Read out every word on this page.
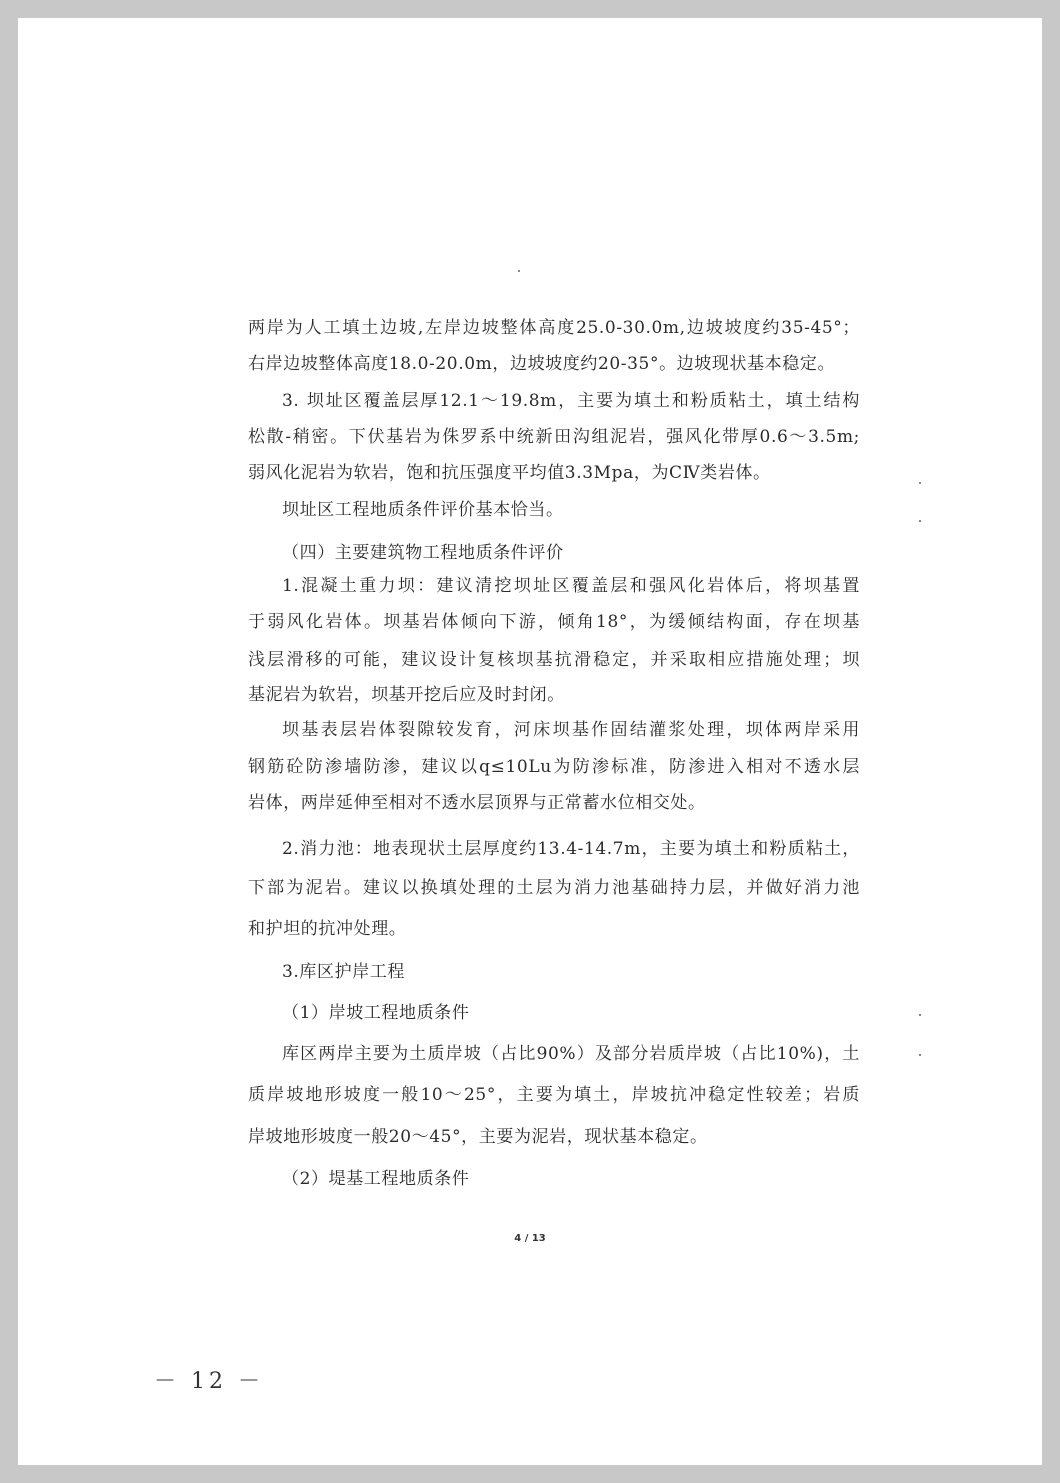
两岸为人工填土边坡,左岸边坡整体高度25.0-30.0m,边坡坡度约35-45°；
右岸边坡整体高度18.0-20.0m，边坡坡度约20-35°。边坡现状基本稳定。
3. 坝址区覆盖层厚12.1～19.8m，主要为填土和粉质粘土，填土结构
松散-稍密。下伏基岩为侏罗系中统新田沟组泥岩，强风化带厚0.6～3.5m;
弱风化泥岩为软岩，饱和抗压强度平均值3.3Mpa，为CⅣ类岩体。
坝址区工程地质条件评价基本恰当。
（四）主要建筑物工程地质条件评价
1.混凝土重力坝：建议清挖坝址区覆盖层和强风化岩体后，将坝基置
于弱风化岩体。坝基岩体倾向下游，倾角18°，为缓倾结构面，存在坝基
浅层滑移的可能，建议设计复核坝基抗滑稳定，并采取相应措施处理；坝
基泥岩为软岩，坝基开挖后应及时封闭。
坝基表层岩体裂隙较发育，河床坝基作固结灌浆处理，坝体两岸采用
钢筋砼防渗墙防渗，建议以q≤10Lu为防渗标准，防渗进入相对不透水层
岩体，两岸延伸至相对不透水层顶界与正常蓄水位相交处。
2.消力池：地表现状土层厚度约13.4-14.7m，主要为填土和粉质粘土，
下部为泥岩。建议以换填处理的土层为消力池基础持力层，并做好消力池
和护坦的抗冲处理。
3.库区护岸工程
（1）岸坡工程地质条件
库区两岸主要为土质岸坡（占比90%）及部分岩质岸坡（占比10%)，土
质岸坡地形坡度一般10～25°，主要为填土，岸坡抗冲稳定性较差；岩质
岸坡地形坡度一般20～45°，主要为泥岩，现状基本稳定。
（2）堤基工程地质条件
4 / 13
－ 12 －
